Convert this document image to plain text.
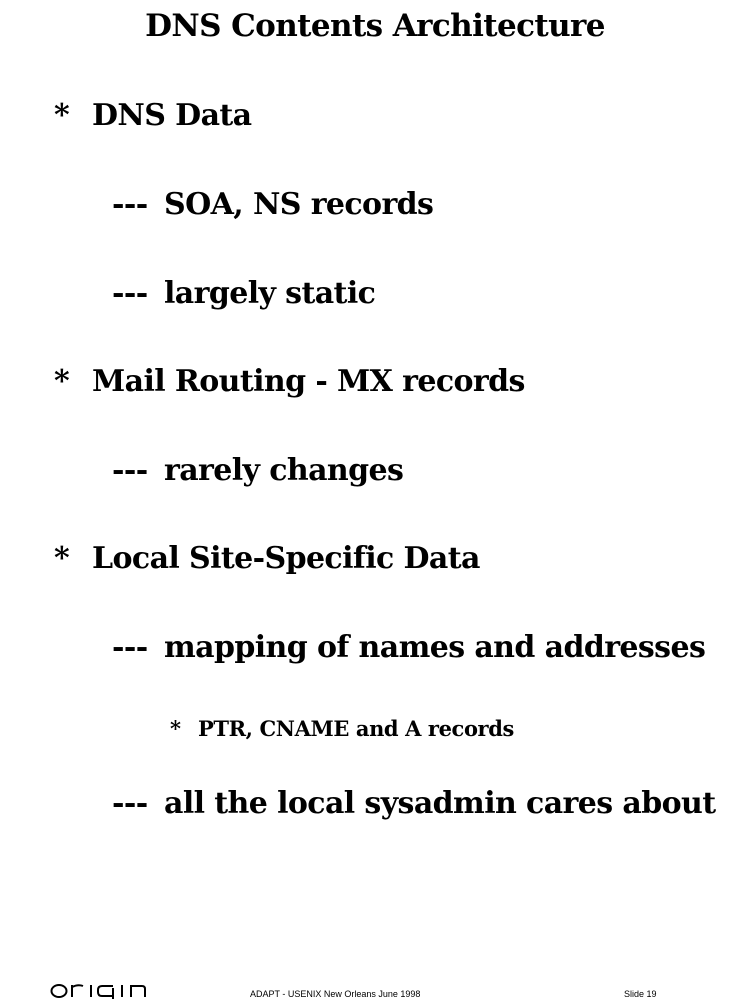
DNS Contents Architecture
* DNS Data
--- SOA, NS records
--- largely static
* Mail Routing - MX records
--- rarely changes
* Local Site-Specific Data
--- mapping of names and addresses
* PTR, CNAME and A records
--- all the local sysadmin cares about
ADAPT - USENIX New Orleans June 1998	Slide 19
